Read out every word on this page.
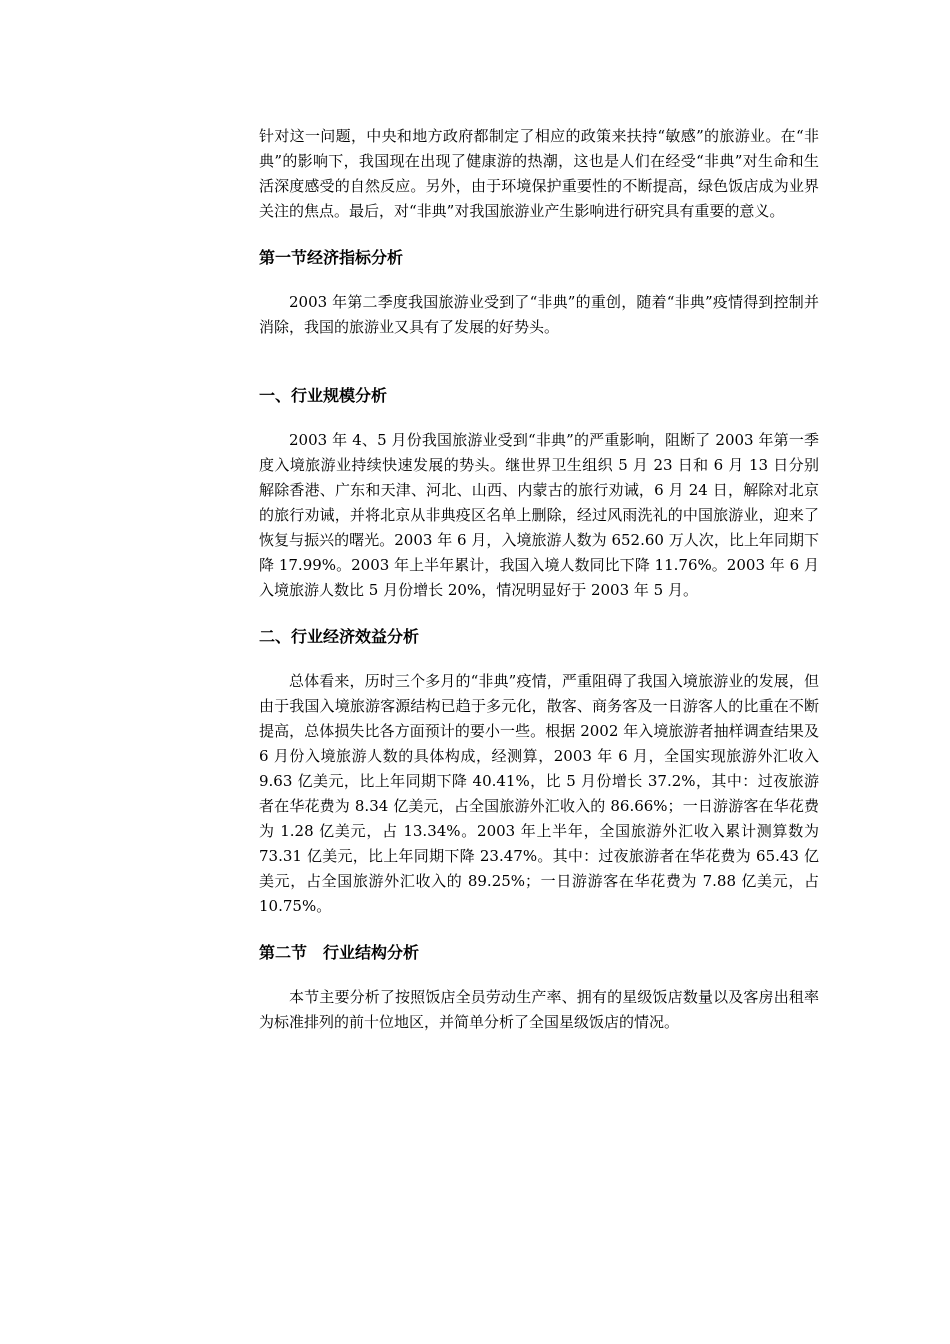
针对这一问题，中央和地方政府都制定了相应的政策来扶持“敏感”的旅游业。在“非典”的影响下，我国现在出现了健康游的热潮，这也是人们在经受“非典”对生命和生活深度感受的自然反应。另外，由于环境保护重要性的不断提高，绿色饭店成为业界关注的焦点。最后，对“非典”对我国旅游业产生影响进行研究具有重要的意义。

第一节经济指标分析

2003 年第二季度我国旅游业受到了“非典”的重创，随着“非典”疫情得到控制并消除，我国的旅游业又具有了发展的好势头。

一、行业规模分析

2003 年 4、5 月份我国旅游业受到“非典”的严重影响，阻断了 2003 年第一季度入境旅游业持续快速发展的势头。继世界卫生组织 5 月 23 日和 6 月 13 日分别解除香港、广东和天津、河北、山西、内蒙古的旅行劝诫，6 月 24 日，解除对北京的旅行劝诫，并将北京从非典疫区名单上删除，经过风雨洗礼的中国旅游业，迎来了恢复与振兴的曙光。2003 年 6 月，入境旅游人数为 652.60 万人次，比上年同期下降 17.99%。2003 年上半年累计，我国入境人数同比下降 11.76%。2003 年 6 月入境旅游人数比 5 月份增长 20%，情况明显好于 2003 年 5 月。

二、行业经济效益分析

总体看来，历时三个多月的“非典”疫情，严重阻碍了我国入境旅游业的发展，但由于我国入境旅游客源结构已趋于多元化，散客、商务客及一日游客人的比重在不断提高，总体损失比各方面预计的要小一些。根据 2002 年入境旅游者抽样调查结果及 6 月份入境旅游人数的具体构成，经测算，2003 年 6 月，全国实现旅游外汇收入 9.63 亿美元，比上年同期下降 40.41%，比 5 月份增长 37.2%，其中：过夜旅游者在华花费为 8.34 亿美元，占全国旅游外汇收入的 86.66%；一日游游客在华花费为 1.28 亿美元，占 13.34%。2003 年上半年，全国旅游外汇收入累计测算数为 73.31 亿美元，比上年同期下降 23.47%。其中：过夜旅游者在华花费为 65.43 亿美元，占全国旅游外汇收入的 89.25%；一日游游客在华花费为 7.88 亿美元，占 10.75%。

第二节　行业结构分析

本节主要分析了按照饭店全员劳动生产率、拥有的星级饭店数量以及客房出租率为标准排列的前十位地区，并简单分析了全国星级饭店的情况。
